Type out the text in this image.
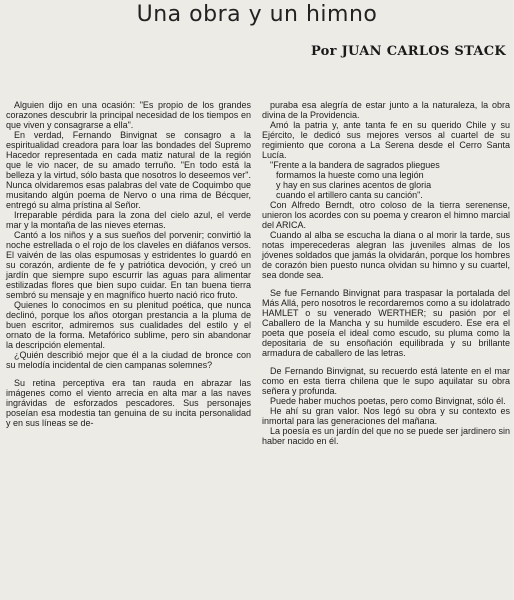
Una obra y un himno
Por JUAN CARLOS STACK

Alguien dijo en una ocasión: "Es propio de los grandes corazones descubrir la principal necesidad de los tiempos en que viven y consagrarse a ella".

En verdad, Fernando Binvignat se consagro a la espiritualidad creadora para loar las bondades del Supremo Hacedor representada en cada matiz natural de la región que le vio nacer, de su amado terruño. "En todo está la belleza y la virtud, sólo basta que nosotros lo deseemos ver". Nunca olvidaremos esas palabras del vate de Coquimbo que musitando algún poema de Nervo o una rima de Bécquer, entregó su alma prístina al Señor.

Irreparable pérdida para la zona del cielo azul, el verde mar y la montaña de las nieves eternas.

Cantó a los niños y a sus sueños del porvenir; convirtió la noche estrellada o el rojo de los claveles en diáfanos versos. El vaivén de las olas espumosas y estridentes lo guardó en su corazón, ardiente de fe y patriótica devoción, y creó un jardín que siempre supo escurrir las aguas para alimentar estilizadas flores que bien supo cuidar. En tan buena tierra sembró su mensaje y en magnífico huerto nació rico fruto.

Quienes lo conocimos en su plenitud poética, que nunca declinó, porque los años otorgan prestancia a la pluma de buen escritor, admiremos sus cualidades del estilo y el ornato de la forma. Metafórico sublime, pero sin abandonar la descripción elemental.

¿Quién describió mejor que él a la ciudad de bronce con su melodía incidental de cien campanas solemnes?

Su retina perceptiva era tan rauda en abrazar las imágenes como el viento arrecia en alta mar a las naves ingrávidas de esforzados pescadores. Sus personajes poseían esa modestia tan genuina de su incita personalidad y en sus líneas se de-

puraba esa alegría de estar junto a la naturaleza, la obra divina de la Providencia.

Amó la patria y, ante tanta fe en su querido Chile y su Ejército, le dedicó sus mejores versos al cuartel de su regimiento que corona a La Serena desde el Cerro Santa Lucía.

"Frente a la bandera de sagrados pliegues

formamos la hueste como una legión

y hay en sus clarines acentos de gloria

cuando el artillero canta su canción".

Con Alfredo Berndt, otro coloso de la tierra serenense, unieron los acordes con su poema y crearon el himno marcial del ARICA.

Cuando al alba se escucha la diana o al morir la tarde, sus notas imperecederas alegran las juveniles almas de los jóvenes soldados que jamás la olvidarán, porque los hombres de corazón bien puesto nunca olvidan su himno y su cuartel, sea donde sea.

Se fue Fernando Binvignat para traspasar la portalada del Más Allá, pero nosotros le recordaremos como a su idolatrado HAMLET o su venerado WERTHER; su pasión por el Caballero de la Mancha y su humilde escudero. Ese era el poeta que poseía el ideal como escudo, su pluma como la depositaria de su ensoñación equilibrada y su brillante armadura de caballero de las letras.

De Fernando Binvignat, su recuerdo está latente en el mar como en esta tierra chilena que le supo aquilatar su obra señera y profunda.

Puede haber muchos poetas, pero como Binvignat, sólo él.

He ahí su gran valor. Nos legó su obra y su contexto es inmortal para las generaciones del mañana.

La poesía es un jardín del que no se puede ser jardinero sin haber nacido en él.
